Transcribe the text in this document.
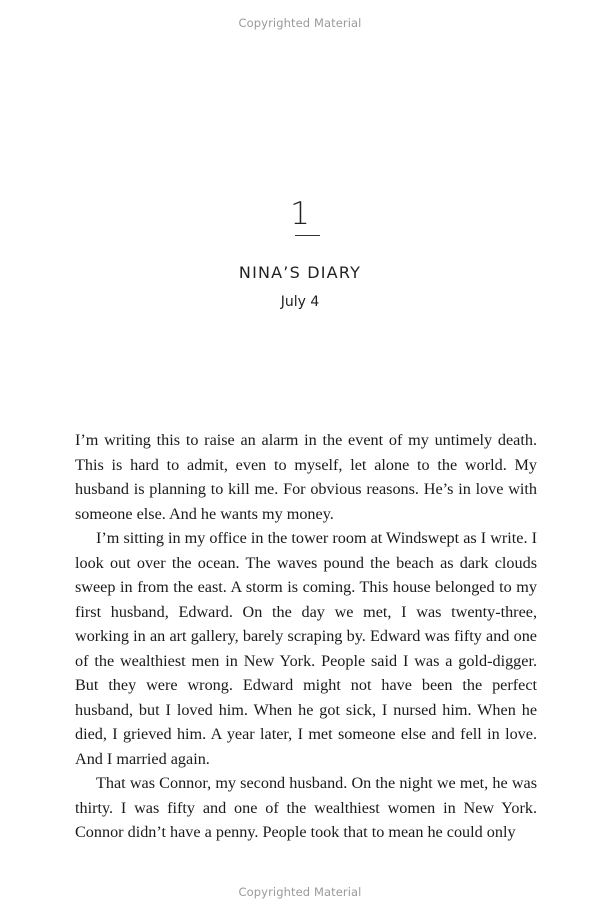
Copyrighted Material
1
NINA’S DIARY
July 4

I’m writing this to raise an alarm in the event of my untimely death. This is hard to admit, even to myself, let alone to the world. My husband is planning to kill me. For obvious reasons. He’s in love with someone else. And he wants my money.

I’m sitting in my office in the tower room at Windswept as I write. I look out over the ocean. The waves pound the beach as dark clouds sweep in from the east. A storm is coming. This house belonged to my first husband, Edward. On the day we met, I was twenty-three, working in an art gallery, barely scraping by. Edward was fifty and one of the wealthiest men in New York. People said I was a gold-digger. But they were wrong. Edward might not have been the perfect husband, but I loved him. When he got sick, I nursed him. When he died, I grieved him. A year later, I met someone else and fell in love. And I married again.

That was Connor, my second husband. On the night we met, he was thirty. I was fifty and one of the wealthiest women in New York. Connor didn’t have a penny. People took that to mean he could only

Copyrighted Material
